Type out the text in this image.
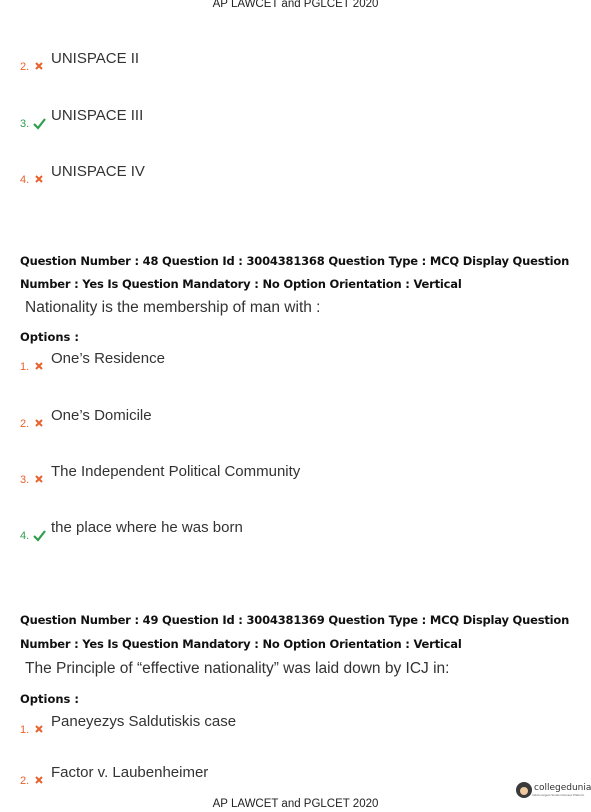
AP LAWCET and PGLCET 2020
2. UNISPACE II
3. UNISPACE III
4. UNISPACE IV
Question Number : 48 Question Id : 3004381368 Question Type : MCQ Display Question
Number : Yes Is Question Mandatory : No Option Orientation : Vertical
Nationality is the membership of man with :
Options :
1. One’s Residence
2. One’s Domicile
3. The Independent Political Community
4. the place where he was born
Question Number : 49 Question Id : 3004381369 Question Type : MCQ Display Question
Number : Yes Is Question Mandatory : No Option Orientation : Vertical
The Principle of “effective nationality” was laid down by ICJ in:
Options :
1. Paneyezys Saldutiskis case
2. Factor v. Laubenheimer
collegedunia
India's largest Student Review Platform
AP LAWCET and PGLCET 2020
